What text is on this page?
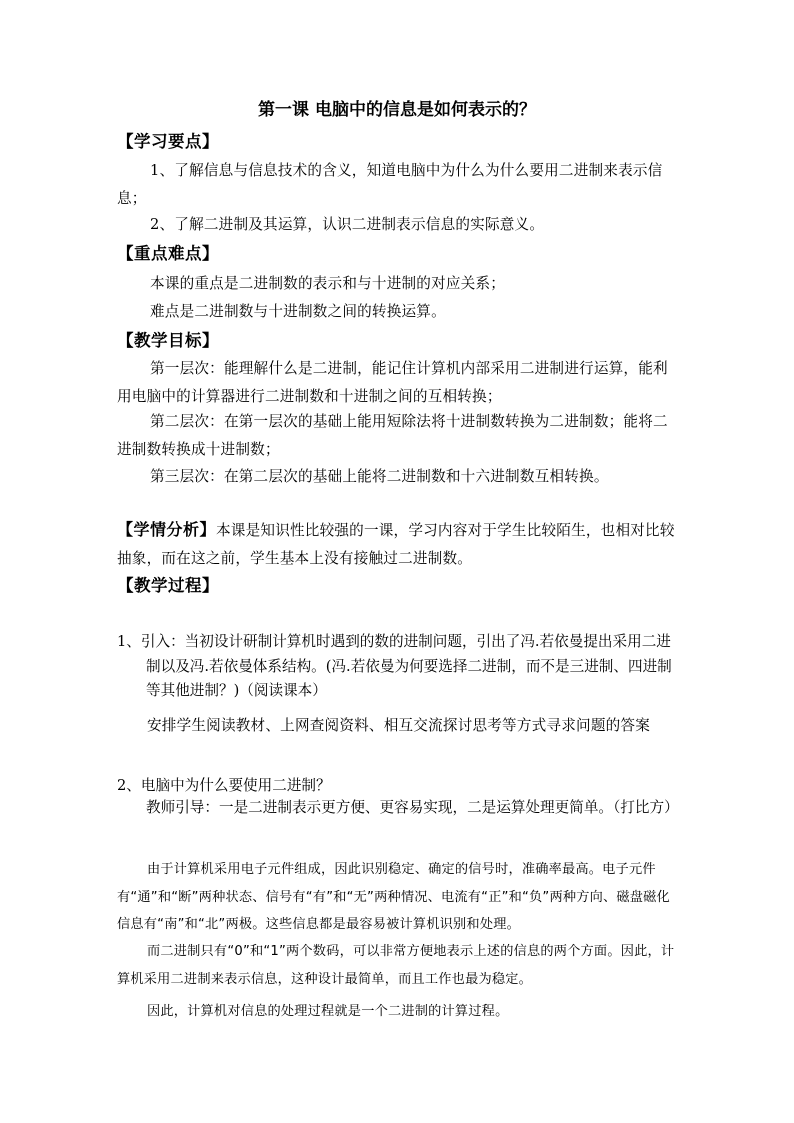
第一课 电脑中的信息是如何表示的？
【学习要点】
1、了解信息与信息技术的含义，知道电脑中为什么为什么要用二进制来表示信息；
2、了解二进制及其运算，认识二进制表示信息的实际意义。
【重点难点】
本课的重点是二进制数的表示和与十进制的对应关系；
难点是二进制数与十进制数之间的转换运算。
【教学目标】
第一层次：能理解什么是二进制，能记住计算机内部采用二进制进行运算，能利用电脑中的计算器进行二进制数和十进制之间的互相转换；
第二层次：在第一层次的基础上能用短除法将十进制数转换为二进制数；能将二进制数转换成十进制数；
第三层次：在第二层次的基础上能将二进制数和十六进制数互相转换。
【学情分析】本课是知识性比较强的一课，学习内容对于学生比较陌生，也相对比较抽象，而在这之前，学生基本上没有接触过二进制数。
【教学过程】
1、引入：当初设计研制计算机时遇到的数的进制问题，引出了冯.若依曼提出采用二进制以及冯.若依曼体系结构。(冯.若依曼为何要选择二进制，而不是三进制、四进制等其他进制？)（阅读课本）
安排学生阅读教材、上网查阅资料、相互交流探讨思考等方式寻求问题的答案
2、电脑中为什么要使用二进制？
教师引导：一是二进制表示更方便、更容易实现，二是运算处理更简单。（打比方）
由于计算机采用电子元件组成，因此识别稳定、确定的信号时，准确率最高。电子元件有“通”和“断”两种状态、信号有“有”和“无”两种情况、电流有“正”和“负”两种方向、磁盘磁化信息有“南”和“北”两极。这些信息都是最容易被计算机识别和处理。
而二进制只有“0”和“1”两个数码，可以非常方便地表示上述的信息的两个方面。因此，计算机采用二进制来表示信息，这种设计最简单，而且工作也最为稳定。
因此，计算机对信息的处理过程就是一个二进制的计算过程。
